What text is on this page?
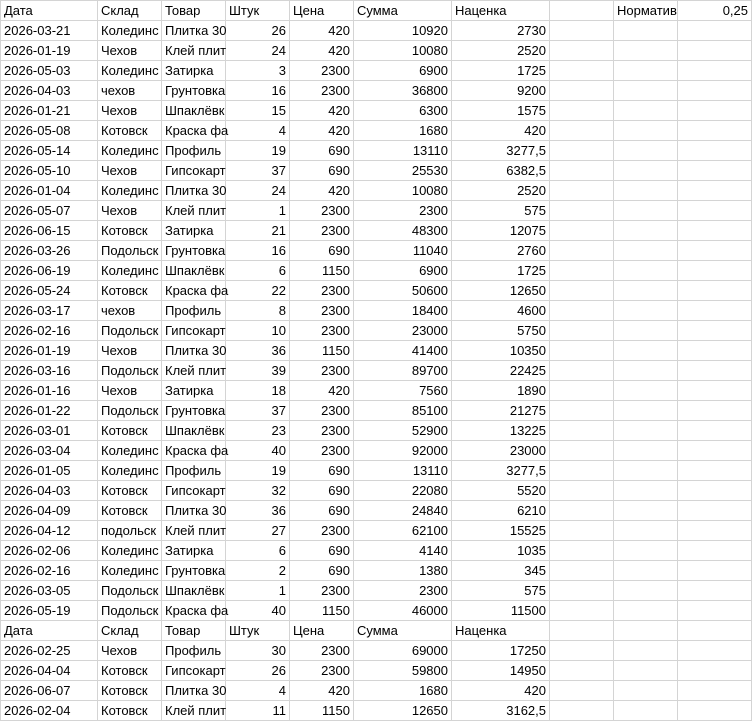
Дата	Склад	Товар	Штук	Цена	Сумма	Наценка		Норматив	0,25
2026-03-21	Колединс	Плитка 30	26	420	10920	2730			
2026-01-19	Чехов	Клей плит	24	420	10080	2520			
2026-05-03	Колединс	Затирка	3	2300	6900	1725			
2026-04-03	чехов	Грунтовка	16	2300	36800	9200			
2026-01-21	Чехов	Шпаклёвк	15	420	6300	1575			
2026-05-08	Котовск	Краска фа	4	420	1680	420			
2026-05-14	Колединс	Профиль	19	690	13110	3277,5			
2026-05-10	Чехов	Гипсокарт	37	690	25530	6382,5			
2026-01-04	Колединс	Плитка 30	24	420	10080	2520			
2026-05-07	Чехов	Клей плит	1	2300	2300	575			
2026-06-15	Котовск	Затирка	21	2300	48300	12075			
2026-03-26	Подольск	Грунтовка	16	690	11040	2760			
2026-06-19	Колединс	Шпаклёвк	6	1150	6900	1725			
2026-05-24	Котовск	Краска фа	22	2300	50600	12650			
2026-03-17	чехов	Профиль	8	2300	18400	4600			
2026-02-16	Подольск	Гипсокарт	10	2300	23000	5750			
2026-01-19	Чехов	Плитка 30	36	1150	41400	10350			
2026-03-16	Подольск	Клей плит	39	2300	89700	22425			
2026-01-16	Чехов	Затирка	18	420	7560	1890			
2026-01-22	Подольск	Грунтовка	37	2300	85100	21275			
2026-03-01	Котовск	Шпаклёвк	23	2300	52900	13225			
2026-03-04	Колединс	Краска фа	40	2300	92000	23000			
2026-01-05	Колединс	Профиль	19	690	13110	3277,5			
2026-04-03	Котовск	Гипсокарт	32	690	22080	5520			
2026-04-09	Котовск	Плитка 30	36	690	24840	6210			
2026-04-12	подольск	Клей плит	27	2300	62100	15525			
2026-02-06	Колединс	Затирка	6	690	4140	1035			
2026-02-16	Колединс	Грунтовка	2	690	1380	345			
2026-03-05	Подольск	Шпаклёвк	1	2300	2300	575			
2026-05-19	Подольск	Краска фа	40	1150	46000	11500			
Дата	Склад	Товар	Штук	Цена	Сумма	Наценка			
2026-02-25	Чехов	Профиль	30	2300	69000	17250			
2026-04-04	Котовск	Гипсокарт	26	2300	59800	14950			
2026-06-07	Котовск	Плитка 30	4	420	1680	420			
2026-02-04	Котовск	Клей плит	11	1150	12650	3162,5			
